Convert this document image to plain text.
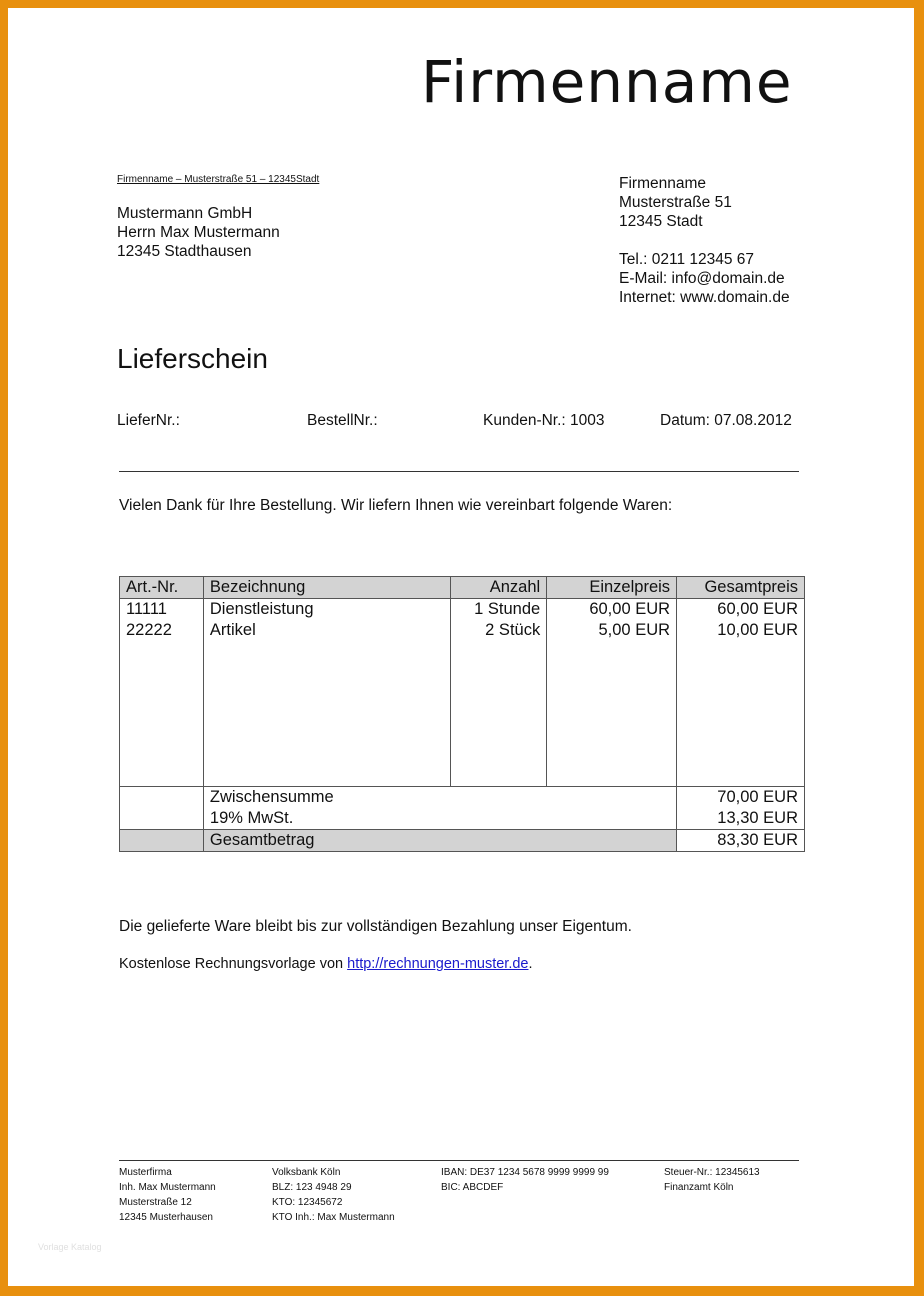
Firmenname
Firmenname – Musterstraße 51 – 12345Stadt
Mustermann GmbH
Herrn Max Mustermann
12345 Stadthausen
Firmenname
Musterstraße 51
12345 Stadt
Tel.: 0211 12345 67
E-Mail: info@domain.de
Internet: www.domain.de
Lieferschein
LieferNr.:	BestellNr.:	Kunden-Nr.: 1003	Datum: 07.08.2012
Vielen Dank für Ihre Bestellung. Wir liefern Ihnen wie vereinbart folgende Waren:
Art.-Nr.	Bezeichnung	Anzahl	Einzelpreis	Gesamtpreis
11111	Dienstleistung	1 Stunde	60,00 EUR	60,00 EUR
22222	Artikel	2 Stück	5,00 EUR	10,00 EUR

	Zwischensumme			70,00 EUR
	19% MwSt.			13,30 EUR
	Gesamtbetrag			83,30 EUR
Die gelieferte Ware bleibt bis zur vollständigen Bezahlung unser Eigentum.
Kostenlose Rechnungsvorlage von http://rechnungen-muster.de.
Musterfirma
Inh. Max Mustermann
Musterstraße 12
12345 Musterhausen
Volksbank Köln
BLZ: 123 4948 29
KTO: 12345672
KTO Inh.: Max Mustermann
IBAN: DE37 1234 5678 9999 9999 99
BIC: ABCDEF
Steuer-Nr.: 12345613
Finanzamt Köln
Vorlage Katalog
